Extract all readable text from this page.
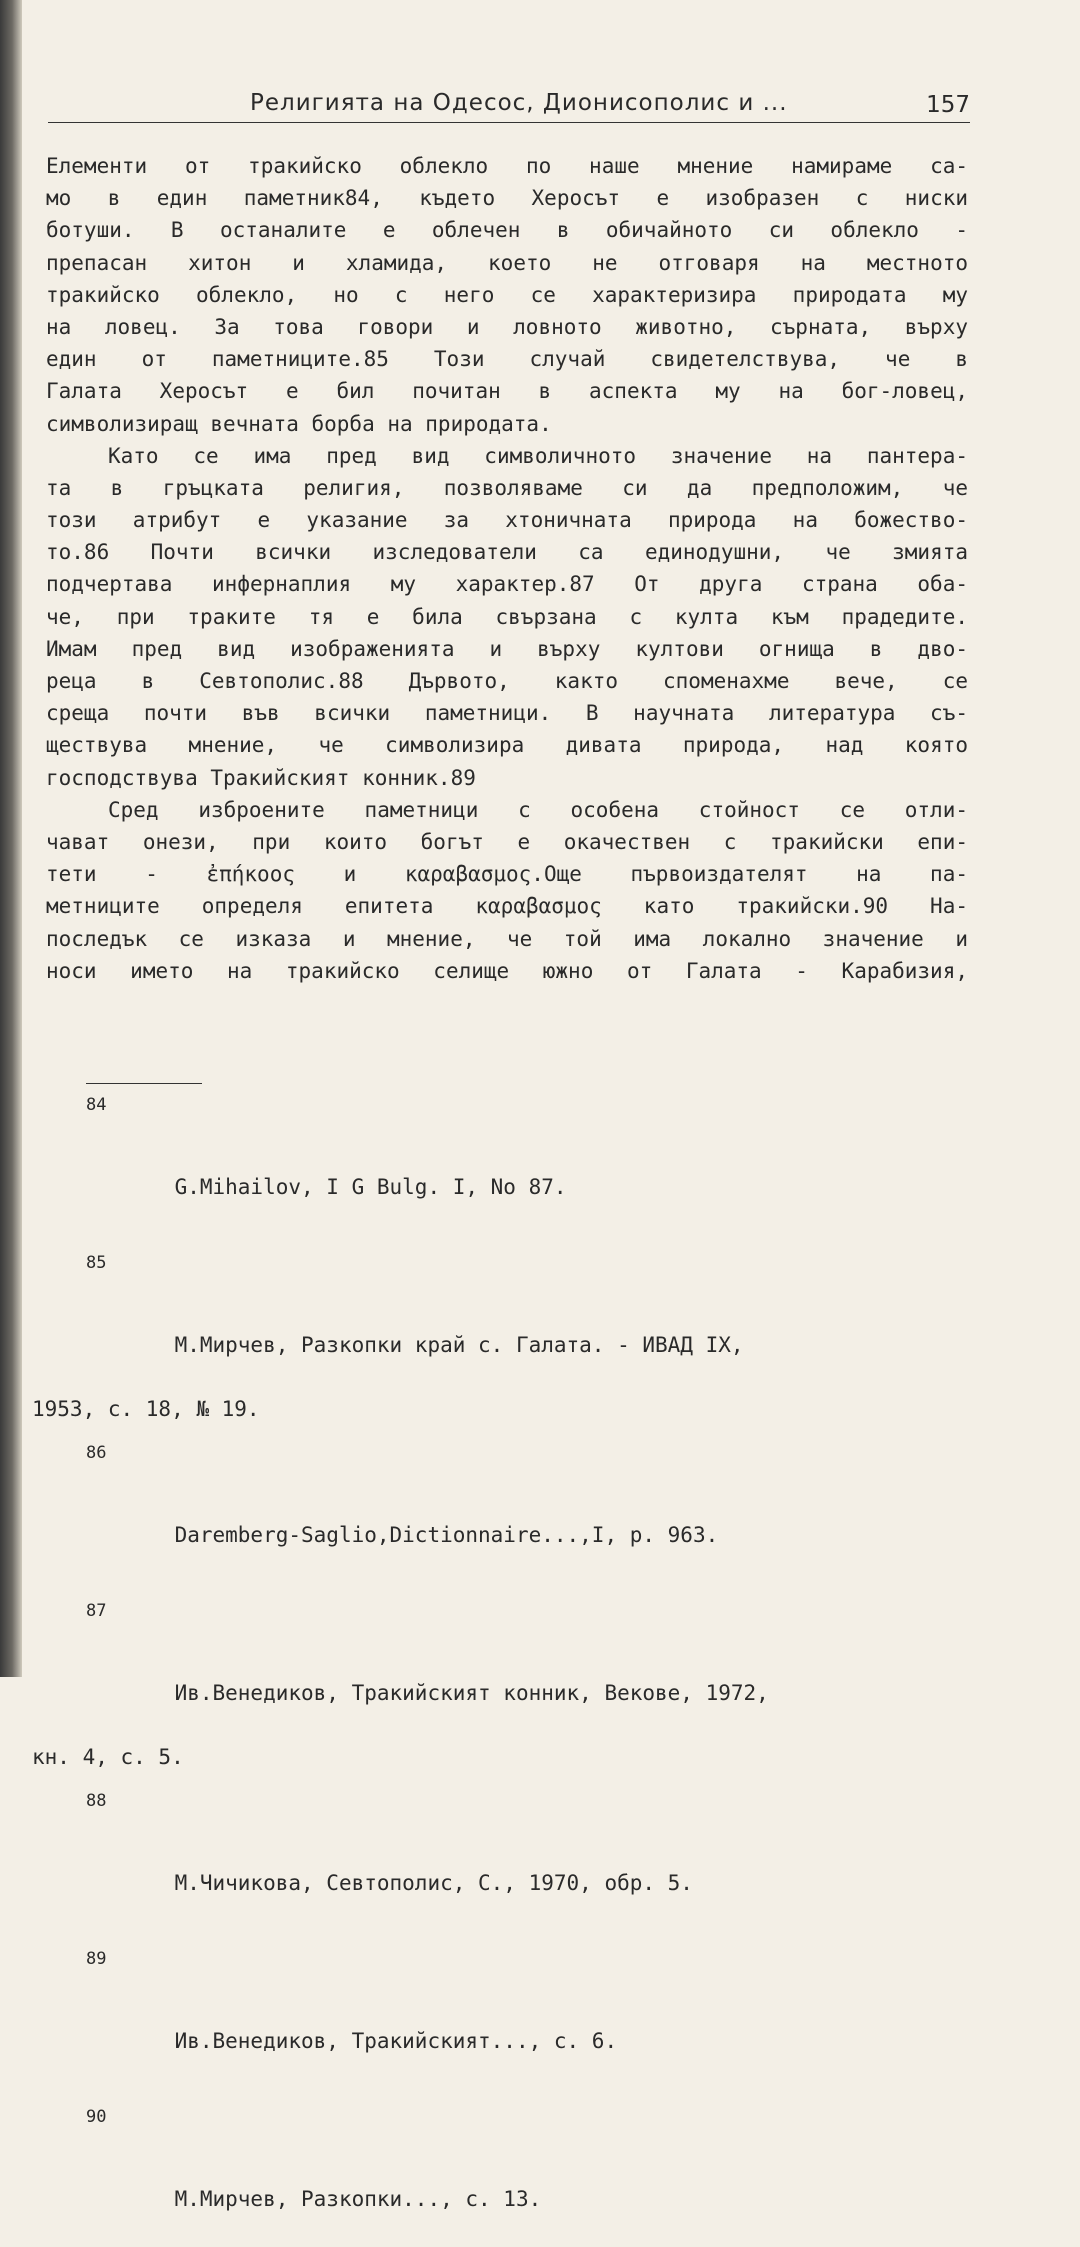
Религията на Одесос, Дионисополис и ...	157
Елементи от тракийско облекло по наше мнение намираме са-
мо в един паметник84, където Херосът е изобразен с ниски
ботуши. В останалите е облечен в обичайното си облекло -
препасан хитон и хламида, което не отговаря на местното
тракийско облекло, но с него се характеризира природата му
на ловец. За това говори и ловното животно, сърната, върху
един от паметниците.85 Този случай свидетелствува, че в
Галата Херосът е бил почитан в аспекта му на бог-ловец,
символизиращ вечната борба на природата.
Като се има пред вид символичното значение на пантера-
та в гръцката религия, позволяваме си да предположим, че
този атрибут е указание за хтоничната природа на божество-
то.86 Почти всички изследователи са единодушни, че змията
подчертава инфернаплия му характер.87 От друга страна оба-
че, при траките тя е била свързана с култа към прадедите.
Имам пред вид изображенията и върху култови огнища в дво-
реца в Севтополис.88 Дървото, както споменахме вече, се
среща почти във всички паметници. В научната литература съ-
ществува мнение, че символизира дивата природа, над която
господствува Тракийският конник.89
Сред изброените паметници с особена стойност се отли-
чават онези, при които богът е окачествен с тракийски епи-
тети - ἐπήκοος и καραβασμος.Още първоиздателят на па-
метниците определя епитета καραβασμος като тракийски.90 На-
последък се изказа и мнение, че той има локално значение и
носи името на тракийско селище южно от Галата - Карабизия,

84

G.Mihailov, I G Bulg. I, No 87.

85

М.Мирчев, Разкопки край с. Галата. - ИВАД IX,

1953, с. 18, № 19.

86

Daremberg-Saglio,Dictionnaire...,I, p. 963.

87

Ив.Венедиков, Тракийският конник, Векове, 1972,

кн. 4, с. 5.

88

М.Чичикова, Севтополис, С., 1970, обр. 5.

89

Ив.Венедиков, Тракийският..., с. 6.

90

М.Мирчев, Разкопки..., с. 13.
